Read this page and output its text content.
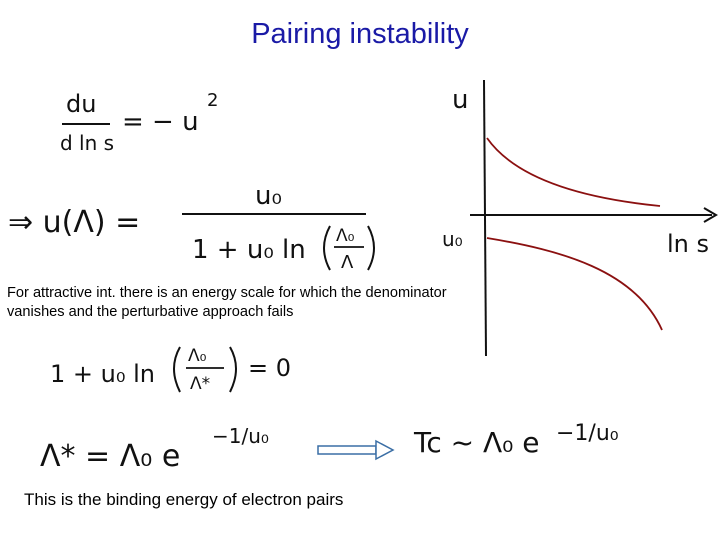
Pairing instability
du
d ln s
= − u
2
⇒ u(Λ) =
u₀
1 + u₀ ln Λ₀
Λ
u
ln s
u₀
1 + u₀ ln
Λ₀
Λ*
= 0
Λ* = Λ₀ e
−1/u₀	Tc ~ Λ₀ e −1/u₀
For attractive int. there is an energy scale for which the denominator vanishes and the perturbative approach fails
This is the binding energy of electron pairs
